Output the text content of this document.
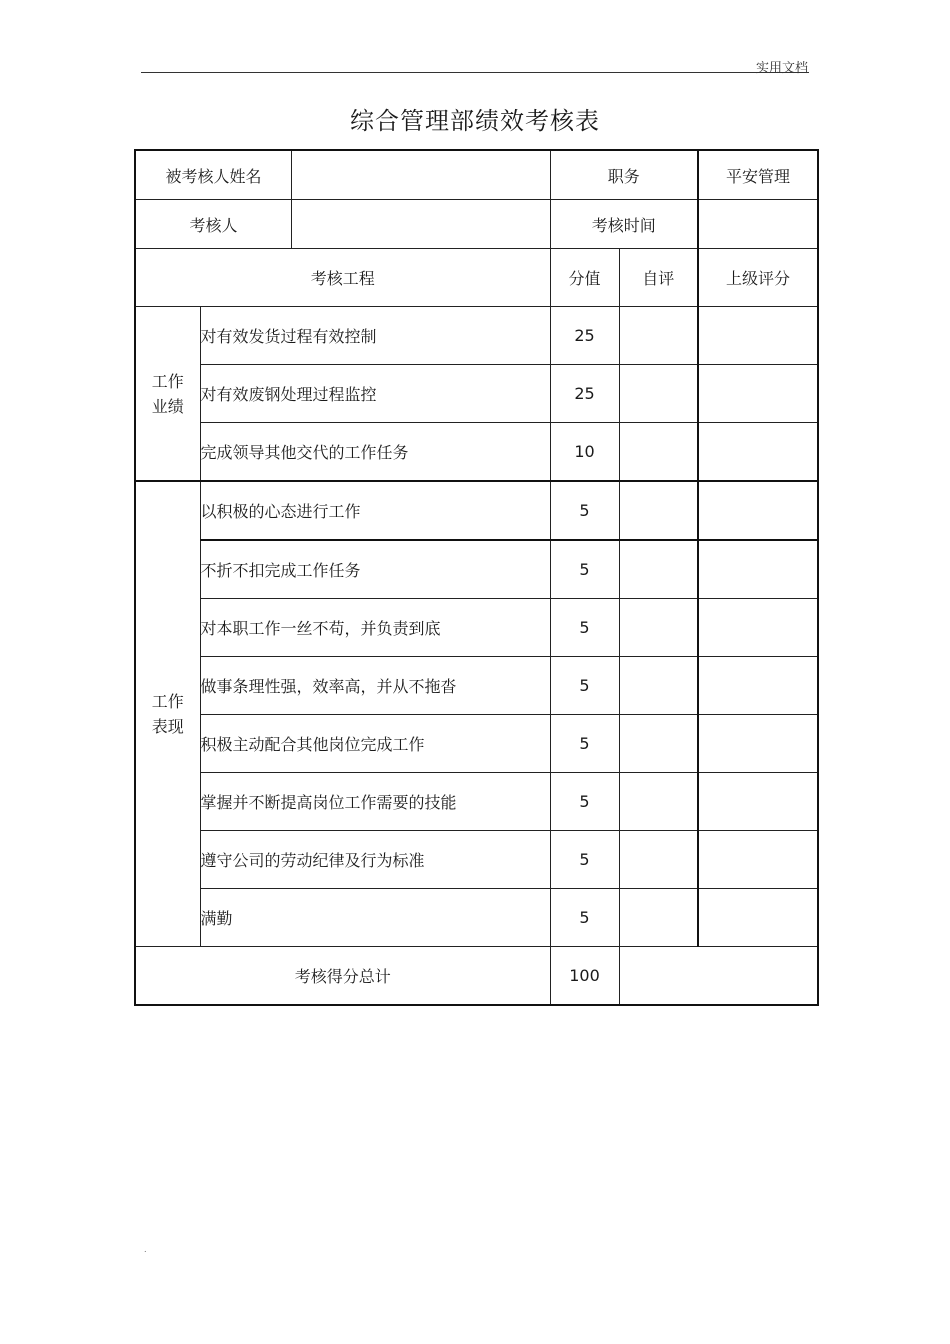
实用文档
综合管理部绩效考核表
被考核人姓名		职务		平安管理

考核人		考核时间		
考核工程		分值	自评	上级评分

工作
业绩	对有效发货过程有效控制	25		
	对有效废钢处理过程监控	25		
	完成领导其他交代的工作任务	10		

工作
表现	以积极的心态进行工作	5		
	不折不扣完成工作任务	5		
	对本职工作一丝不苟，并负责到底	5		
	做事条理性强，效率高，并从不拖沓	5		
	积极主动配合其他岗位完成工作	5		
	掌握并不断提高岗位工作需要的技能	5		
	遵守公司的劳动纪律及行为标准	5		
	满勤	5		
考核得分总计		100		
.
